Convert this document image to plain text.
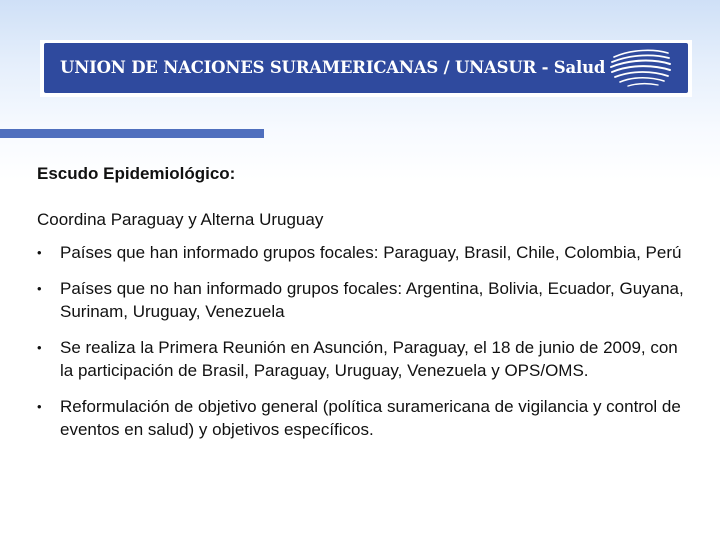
UNION DE NACIONES SURAMERICANAS / UNASUR - Salud

Escudo Epidemiológico:

Coordina Paraguay y Alterna Uruguay

• Países que han informado grupos focales: Paraguay, Brasil, Chile, Colombia, Perú
• Países que no han informado grupos focales: Argentina, Bolivia, Ecuador, Guyana, Surinam, Uruguay, Venezuela
• Se realiza la Primera Reunión en Asunción, Paraguay, el 18 de junio de 2009, con la participación de Brasil, Paraguay, Uruguay, Venezuela y OPS/OMS.
• Reformulación de objetivo general (política suramericana de vigilancia y control de eventos en salud) y objetivos específicos.
